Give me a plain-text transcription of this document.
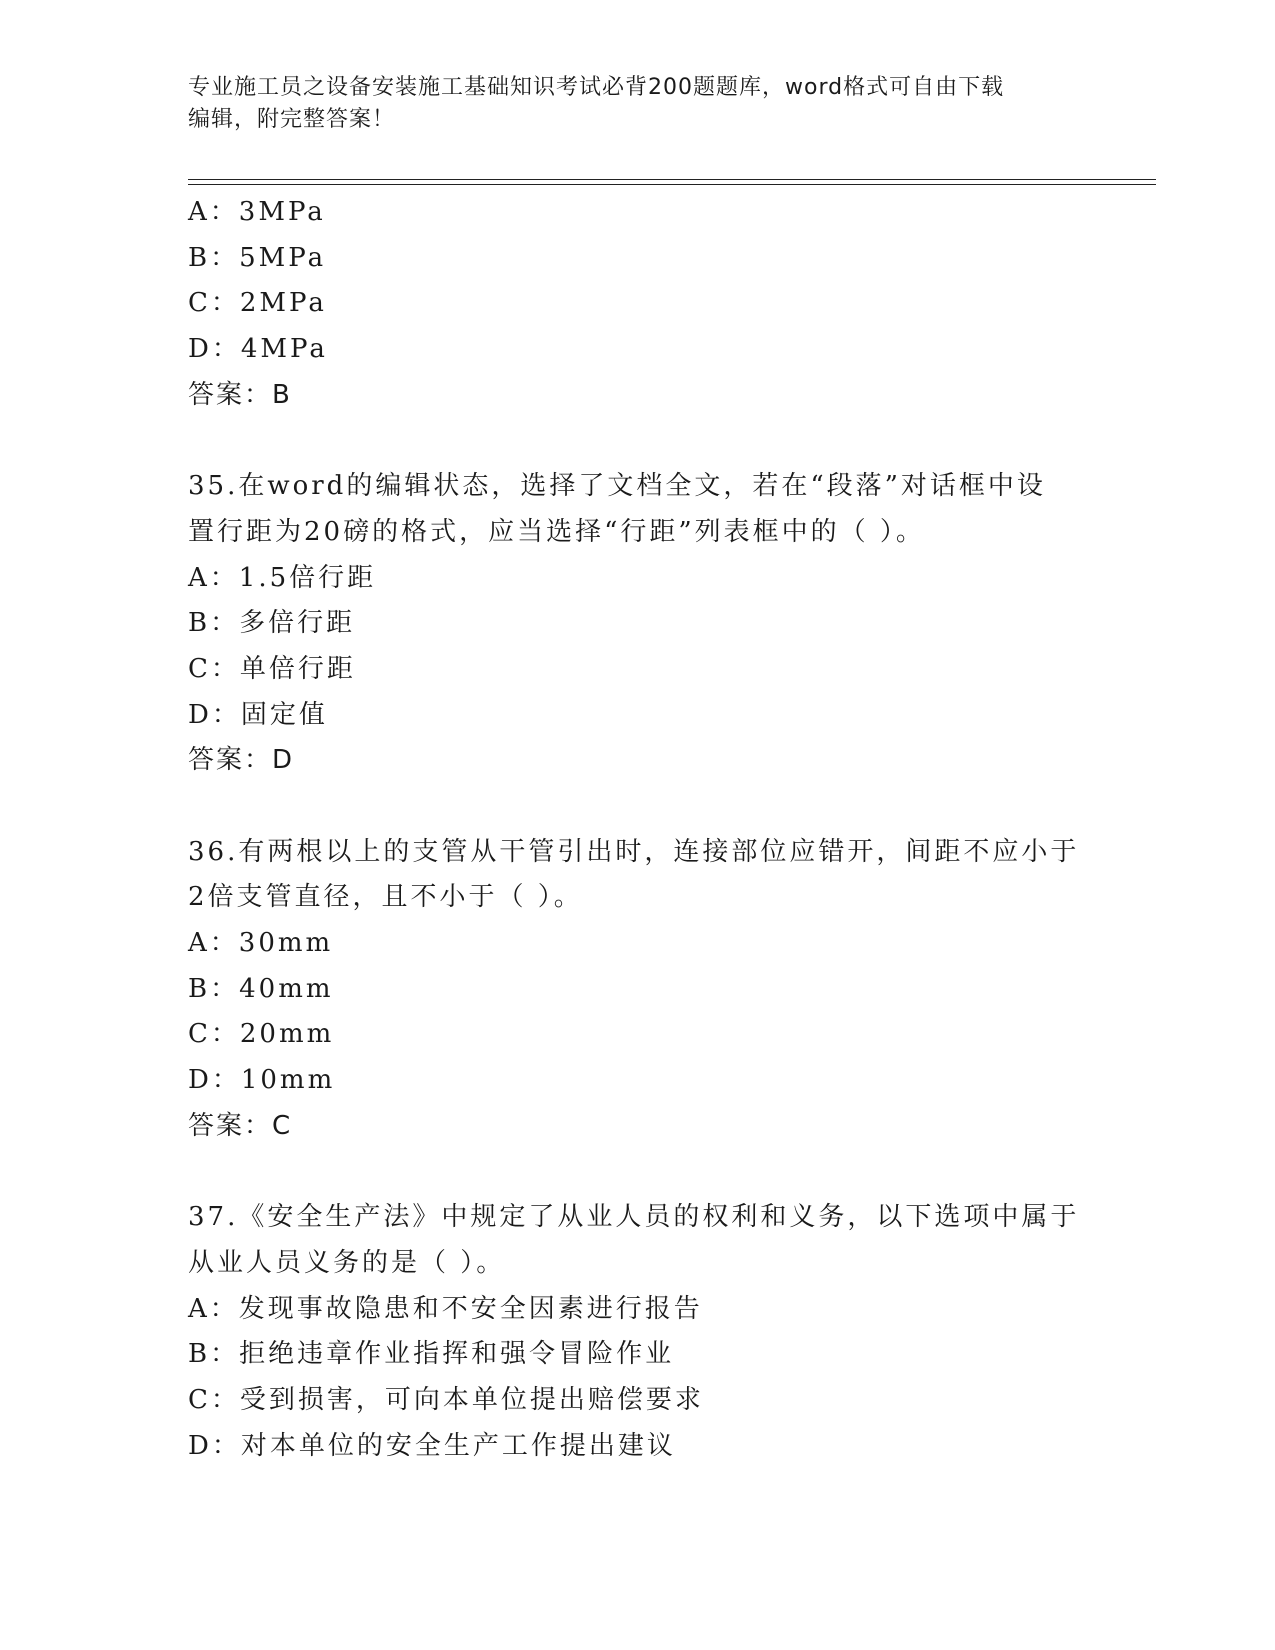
专业施工员之设备安装施工基础知识考试必背200题题库，word格式可自由下载
编辑，附完整答案！
A：3MPa
B：5MPa
C：2MPa
D：4MPa
答案：B
35.在word的编辑状态，选择了文档全文，若在“段落”对话框中设
置行距为20磅的格式，应当选择“行距”列表框中的（ ）。
A：1.5倍行距
B：多倍行距
C：单倍行距
D：固定值
答案：D
36.有两根以上的支管从干管引出时，连接部位应错开，间距不应小于
2倍支管直径，且不小于（ ）。
A：30mm
B：40mm
C：20mm
D：10mm
答案：C
37.《安全生产法》中规定了从业人员的权利和义务，以下选项中属于
从业人员义务的是（ ）。
A：发现事故隐患和不安全因素进行报告
B：拒绝违章作业指挥和强令冒险作业
C：受到损害，可向本单位提出赔偿要求
D：对本单位的安全生产工作提出建议
